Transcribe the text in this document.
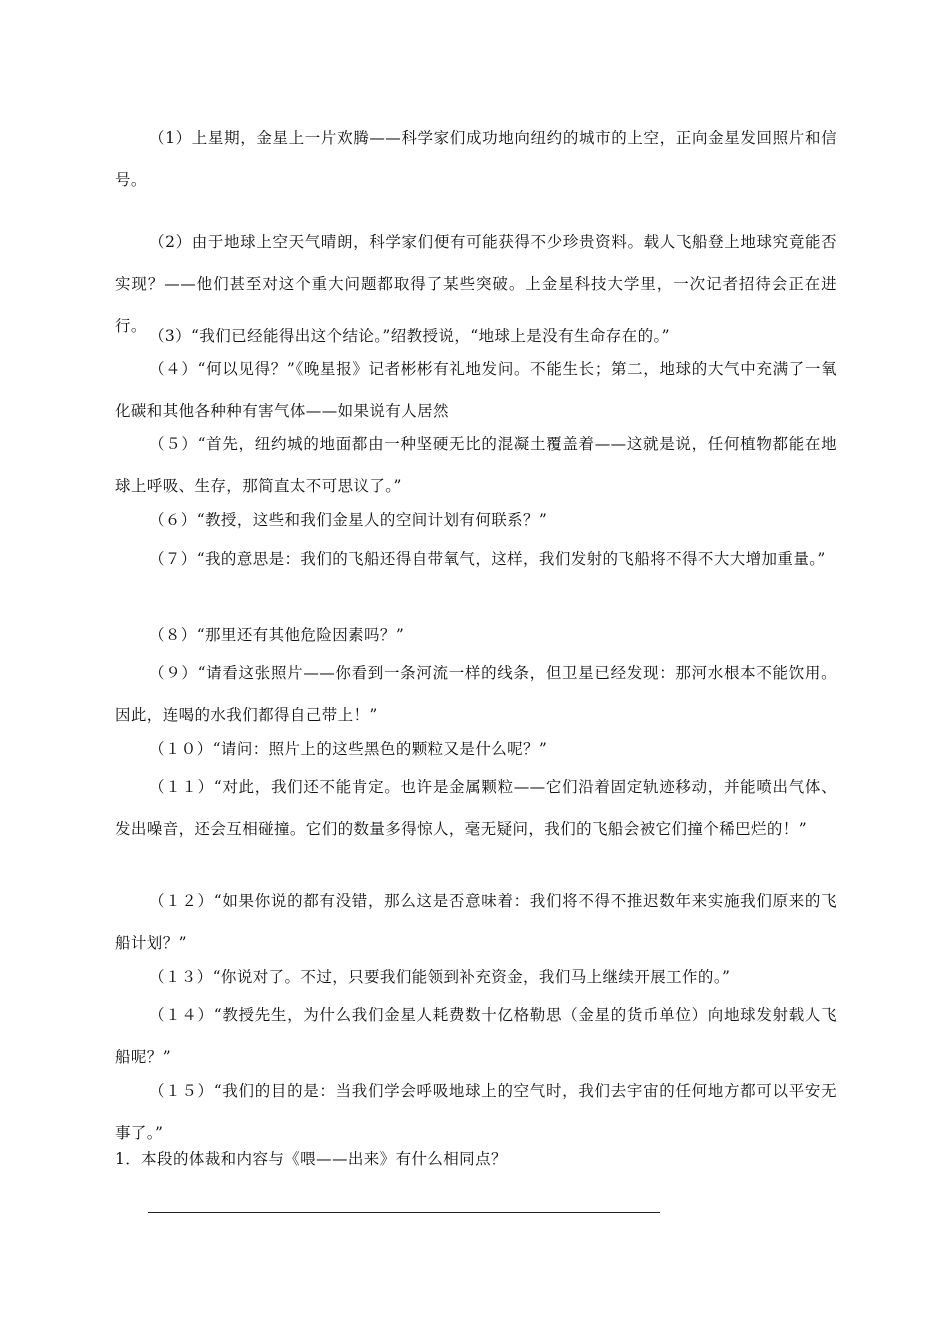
（1）上星期，金星上一片欢腾——科学家们成功地向纽约的城市的上空，正向金星发回照片和信号。

（2）由于地球上空天气晴朗，科学家们便有可能获得不少珍贵资料。载人飞船登上地球究竟能否实现？——他们甚至对这个重大问题都取得了某些突破。上金星科技大学里，一次记者招待会正在进行。

（3）“我们已经能得出这个结论。”绍教授说，“地球上是没有生命存在的。”

（４）“何以见得？”《晚星报》记者彬彬有礼地发问。不能生长；第二，地球的大气中充满了一氧化碳和其他各种种有害气体——如果说有人居然

（５）“首先，纽约城的地面都由一种坚硬无比的混凝土覆盖着——这就是说，任何植物都能在地球上呼吸、生存，那简直太不可思议了。”

（６）“教授，这些和我们金星人的空间计划有何联系？”

（７）“我的意思是：我们的飞船还得自带氧气，这样，我们发射的飞船将不得不大大增加重量。”

（８）“那里还有其他危险因素吗？”

（９）“请看这张照片——你看到一条河流一样的线条，但卫星已经发现：那河水根本不能饮用。因此，连喝的水我们都得自己带上！”

（１０）“请问：照片上的这些黑色的颗粒又是什么呢？”

（１１）“对此，我们还不能肯定。也许是金属颗粒——它们沿着固定轨迹移动，并能喷出气体、发出噪音，还会互相碰撞。它们的数量多得惊人，毫无疑问，我们的飞船会被它们撞个稀巴烂的！”

（１２）“如果你说的都有没错，那么这是否意味着：我们将不得不推迟数年来实施我们原来的飞船计划？”

（１３）“你说对了。不过，只要我们能领到补充资金，我们马上继续开展工作的。”

（１４）“教授先生，为什么我们金星人耗费数十亿格勒思（金星的货币单位）向地球发射载人飞船呢？”

（１５）“我们的目的是：当我们学会呼吸地球上的空气时，我们去宇宙的任何地方都可以平安无事了。”

1．本段的体裁和内容与《喂——出来》有什么相同点？
